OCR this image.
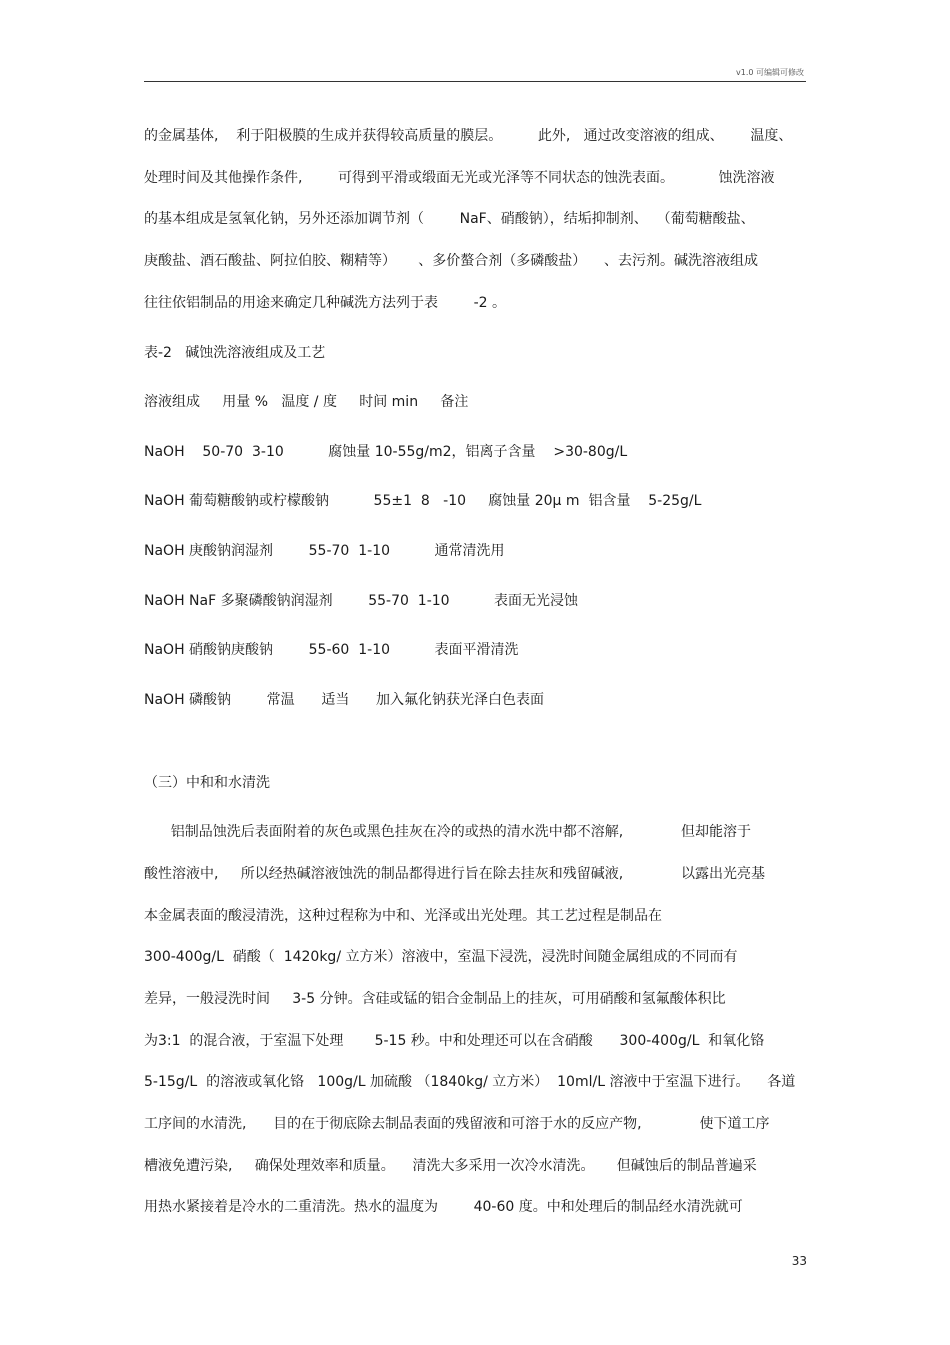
v1.0 可编辑可修改
的金属基体,    利于阳极膜的生成并获得较高质量的膜层。        此外,   通过改变溶液的组成、      温度、
处理时间及其他操作条件,        可得到平滑或缎面无光或光泽等不同状态的蚀洗表面。          蚀洗溶液
的基本组成是氢氧化钠，另外还添加调节剂（        NaF、硝酸钠），结垢抑制剂、  （葡萄糖酸盐、
庚酸盐、酒石酸盐、阿拉伯胶、糊精等）     、多价螯合剂（多磷酸盐）    、去污剂。碱洗溶液组成
往往依铝制品的用途来确定几种碱洗方法列于表        -2 。
表-2   碱蚀洗溶液组成及工艺
溶液组成     用量 %   温度 / 度     时间 min     备注
NaOH    50-70  3-10          腐蚀量 10-55g/m2，铝离子含量    >30-80g/L
NaOH 葡萄糖酸钠或柠檬酸钠          55±1  8   -10     腐蚀量 20μ m  铝含量    5-25g/L
NaOH 庚酸钠润湿剂        55-70  1-10          通常清洗用
NaOH NaF 多聚磷酸钠润湿剂        55-70  1-10          表面无光浸蚀
NaOH 硝酸钠庚酸钠        55-60  1-10          表面平滑清洗
NaOH 磷酸钠        常温      适当      加入氟化钠获光泽白色表面
（三）中和和水清洗
铝制品蚀洗后表面附着的灰色或黑色挂灰在冷的或热的清水洗中都不溶解,             但却能溶于
酸性溶液中,     所以经热碱溶液蚀洗的制品都得进行旨在除去挂灰和残留碱液,             以露出光亮基
本金属表面的酸浸清洗，这种过程称为中和、光泽或出光处理。其工艺过程是制品在
300-400g/L  硝酸（  1420kg/ 立方米）溶液中，室温下浸洗，浸洗时间随金属组成的不同而有
差异，一般浸洗时间     3-5 分钟。含硅或锰的铝合金制品上的挂灰，可用硝酸和氢氟酸体积比
为3:1  的混合液，于室温下处理       5-15 秒。中和处理还可以在含硝酸      300-400g/L  和氧化铬
5-15g/L  的溶液或氧化铬   100g/L 加硫酸 （1840kg/ 立方米）  10ml/L 溶液中于室温下进行。    各道
工序间的水清洗,      目的在于彻底除去制品表面的残留液和可溶于水的反应产物,             使下道工序
槽液免遭污染,     确保处理效率和质量。    清洗大多采用一次冷水清洗。     但碱蚀后的制品普遍采
用热水紧接着是冷水的二重清洗。热水的温度为        40-60 度。中和处理后的制品经水清洗就可
33
